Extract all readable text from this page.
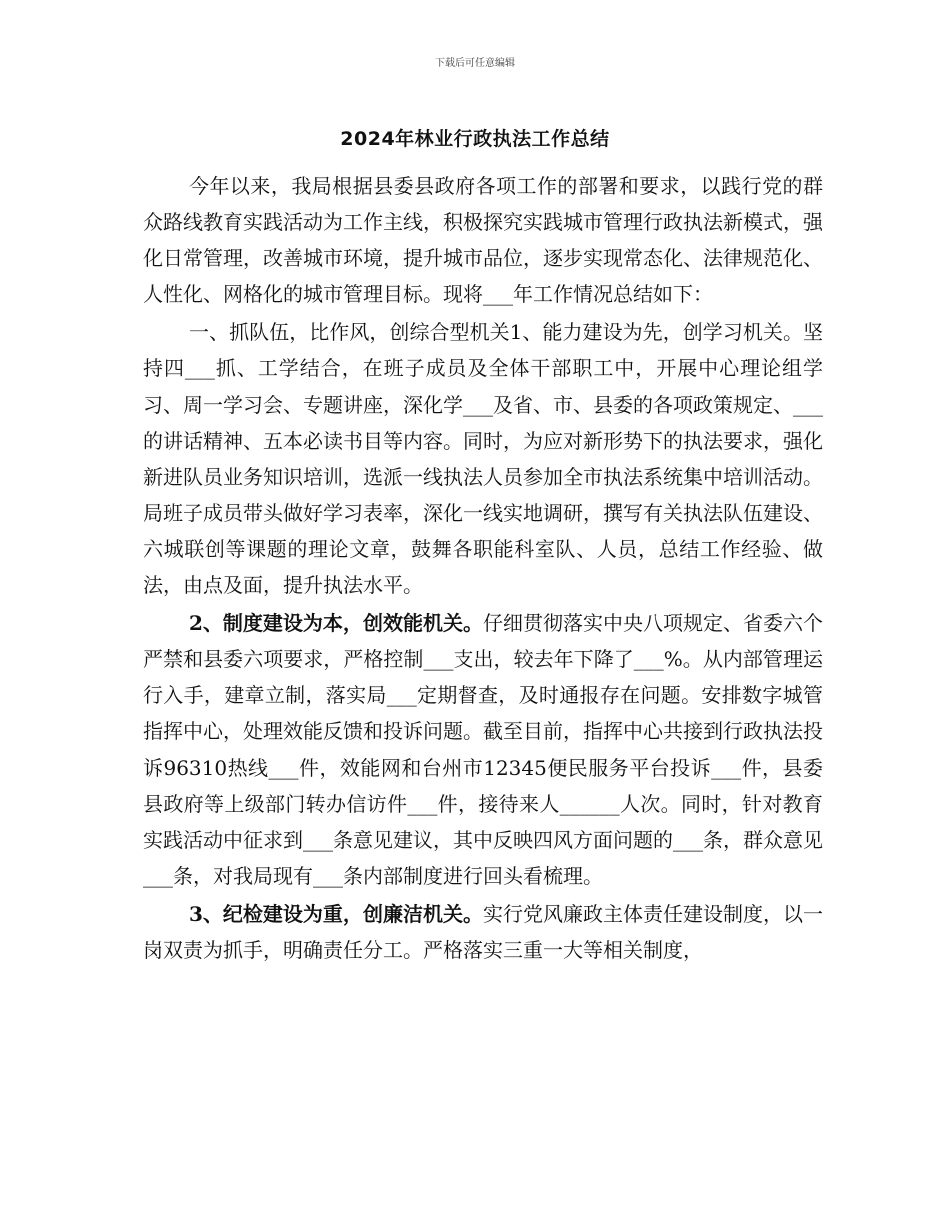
下载后可任意编辑
2024年林业行政执法工作总结

今年以来，我局根据县委县政府各项工作的部署和要求，以践行党的群众路线教育实践活动为工作主线，积极探究实践城市管理行政执法新模式，强化日常管理，改善城市环境，提升城市品位，逐步实现常态化、法律规范化、人性化、网格化的城市管理目标。现将___年工作情况总结如下：

一、抓队伍，比作风，创综合型机关1、能力建设为先，创学习机关。坚持四___抓、工学结合，在班子成员及全体干部职工中，开展中心理论组学习、周一学习会、专题讲座，深化学___及省、市、县委的各项政策规定、___的讲话精神、五本必读书目等内容。同时，为应对新形势下的执法要求，强化新进队员业务知识培训，选派一线执法人员参加全市执法系统集中培训活动。局班子成员带头做好学习表率，深化一线实地调研，撰写有关执法队伍建设、六城联创等课题的理论文章，鼓舞各职能科室队、人员，总结工作经验、做法，由点及面，提升执法水平。

2、制度建设为本，创效能机关。仔细贯彻落实中央八项规定、省委六个严禁和县委六项要求，严格控制___支出，较去年下降了___%。从内部管理运行入手，建章立制，落实局___定期督查，及时通报存在问题。安排数字城管指挥中心，处理效能反馈和投诉问题。截至目前，指挥中心共接到行政执法投诉96310热线___件，效能网和台州市12345便民服务平台投诉___件，县委县政府等上级部门转办信访件___件，接待来人______人次。同时，针对教育实践活动中征求到___条意见建议，其中反映四风方面问题的___条，群众意见___条，对我局现有___条内部制度进行回头看梳理。

3、纪检建设为重，创廉洁机关。实行党风廉政主体责任建设制度，以一岗双责为抓手，明确责任分工。严格落实三重一大等相关制度，
